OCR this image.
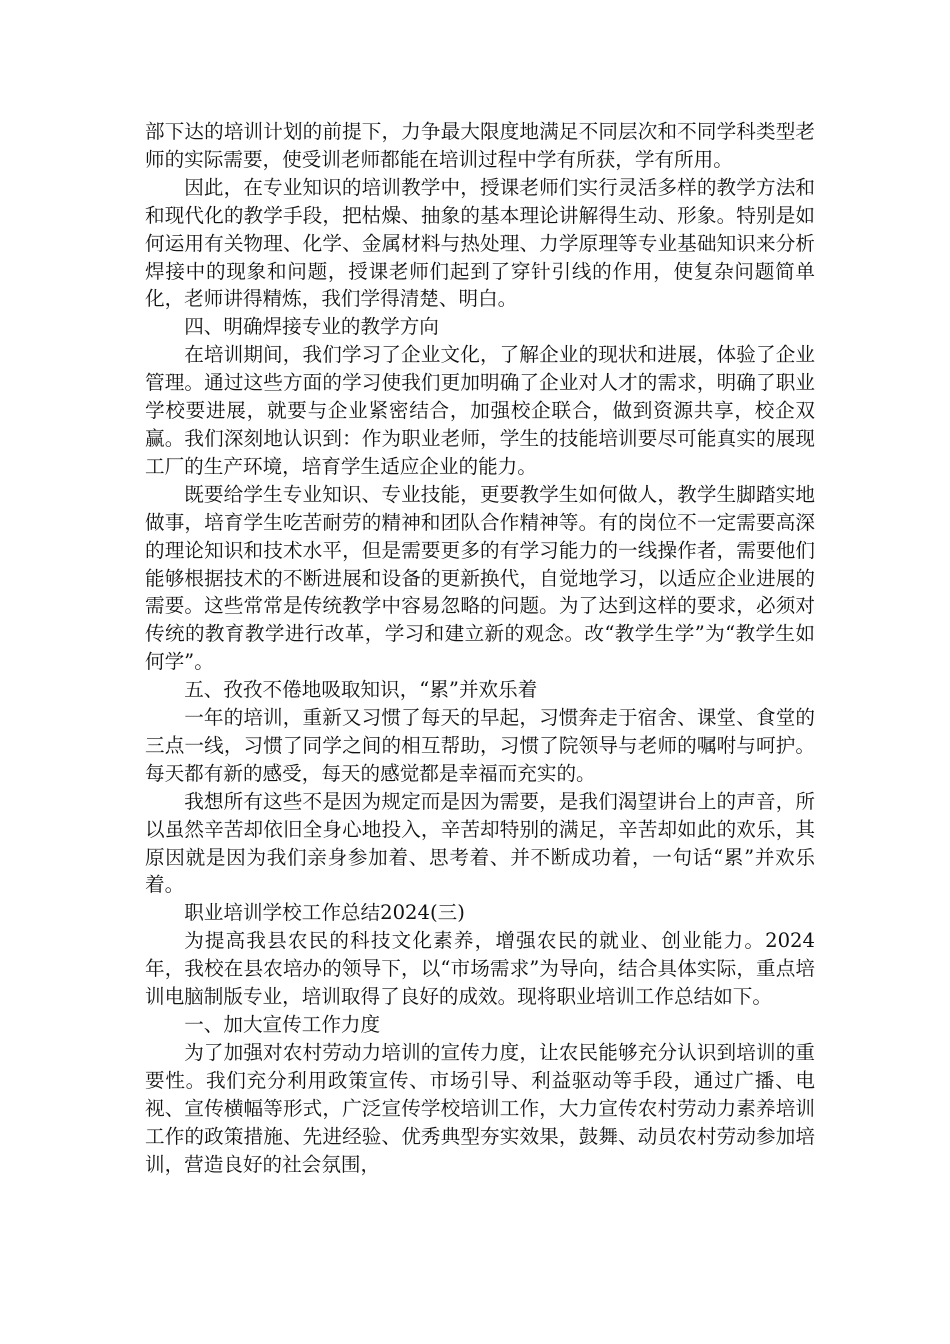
部下达的培训计划的前提下，力争最大限度地满足不同层次和不同学科类型老师的实际需要，使受训老师都能在培训过程中学有所获，学有所用。

因此，在专业知识的培训教学中，授课老师们实行灵活多样的教学方法和和现代化的教学手段，把枯燥、抽象的基本理论讲解得生动、形象。特别是如何运用有关物理、化学、金属材料与热处理、力学原理等专业基础知识来分析焊接中的现象和问题，授课老师们起到了穿针引线的作用，使复杂问题简单化，老师讲得精炼，我们学得清楚、明白。

四、明确焊接专业的教学方向

在培训期间，我们学习了企业文化，了解企业的现状和进展，体验了企业管理。通过这些方面的学习使我们更加明确了企业对人才的需求，明确了职业学校要进展，就要与企业紧密结合，加强校企联合，做到资源共享，校企双赢。我们深刻地认识到：作为职业老师，学生的技能培训要尽可能真实的展现工厂的生产环境，培育学生适应企业的能力。

既要给学生专业知识、专业技能，更要教学生如何做人，教学生脚踏实地做事，培育学生吃苦耐劳的精神和团队合作精神等。有的岗位不一定需要高深的理论知识和技术水平，但是需要更多的有学习能力的一线操作者，需要他们能够根据技术的不断进展和设备的更新换代，自觉地学习，以适应企业进展的需要。这些常常是传统教学中容易忽略的问题。为了达到这样的要求，必须对传统的教育教学进行改革，学习和建立新的观念。改“教学生学”为“教学生如何学”。

五、孜孜不倦地吸取知识，“累”并欢乐着

一年的培训，重新又习惯了每天的早起，习惯奔走于宿舍、课堂、食堂的三点一线，习惯了同学之间的相互帮助，习惯了院领导与老师的嘱咐与呵护。每天都有新的感受，每天的感觉都是幸福而充实的。

我想所有这些不是因为规定而是因为需要，是我们渴望讲台上的声音，所以虽然辛苦却依旧全身心地投入，辛苦却特别的满足，辛苦却如此的欢乐，其原因就是因为我们亲身参加着、思考着、并不断成功着，一句话“累”并欢乐着。

职业培训学校工作总结2024(三)

为提高我县农民的科技文化素养，增强农民的就业、创业能力。2024年，我校在县农培办的领导下，以“市场需求”为导向，结合具体实际，重点培训电脑制版专业，培训取得了良好的成效。现将职业培训工作总结如下。

一、加大宣传工作力度

为了加强对农村劳动力培训的宣传力度，让农民能够充分认识到培训的重要性。我们充分利用政策宣传、市场引导、利益驱动等手段，通过广播、电视、宣传横幅等形式，广泛宣传学校培训工作，大力宣传农村劳动力素养培训工作的政策措施、先进经验、优秀典型夯实效果，鼓舞、动员农村劳动参加培训，营造良好的社会氛围，
